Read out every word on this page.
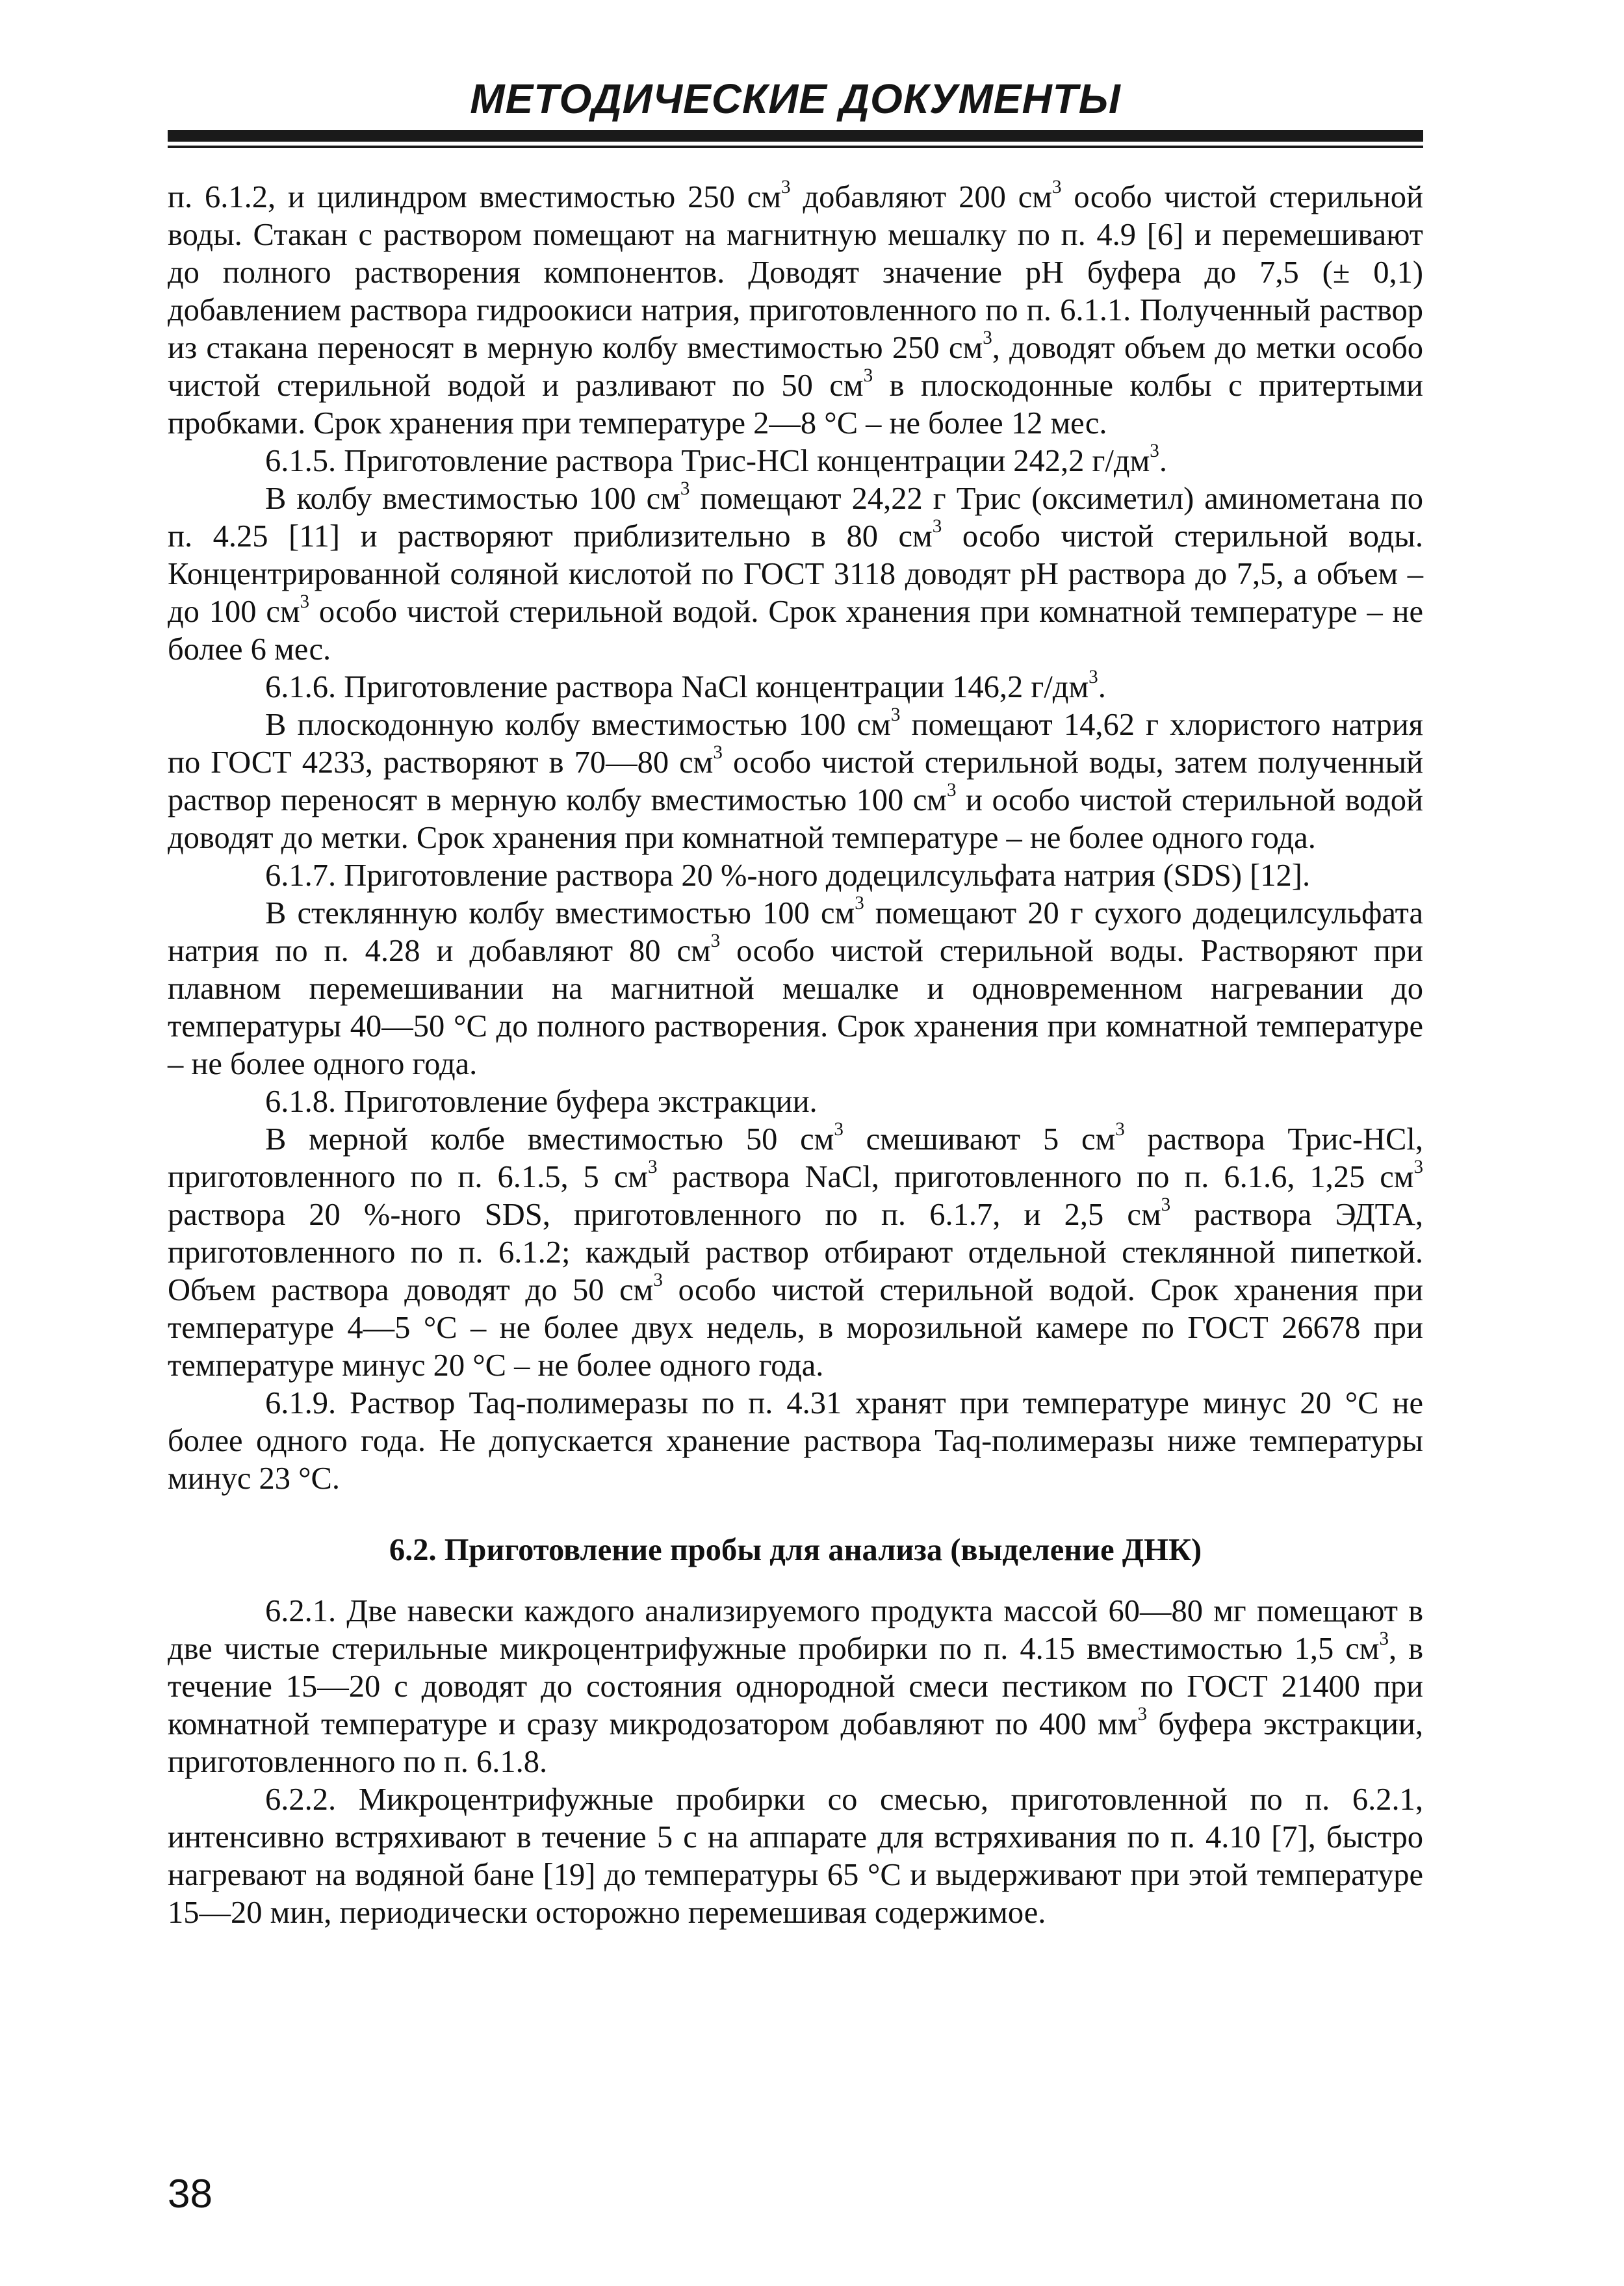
МЕТОДИЧЕСКИЕ ДОКУМЕНТЫ

п. 6.1.2, и цилиндром вместимостью 250 $см^3$ добавляют 200 $см^3$ особо чистой стерильной воды. Стакан с раствором помещают на магнитную мешалку по п. 4.9 [6] и перемешивают до полного растворения компонентов. Доводят значение рН буфера до 7,5 (± 0,1) добавлением раствора гидроокиси натрия, приготовленного по п. 6.1.1. Полученный раствор из стакана переносят в мерную колбу вместимостью 250 $см^3$, доводят объем до метки особо чистой стерильной водой и разливают по 50 $см^3$ в плоскодонные колбы с притертыми пробками. Срок хранения при температуре 2—8 °С – не более 12 мес.

6.1.5. Приготовление раствора Трис-HCl концентрации 242,2 $г/дм^3$.

В колбу вместимостью 100 $см^3$ помещают 24,22 г Трис (оксиметил) аминометана по п. 4.25 [11] и растворяют приблизительно в 80 $см^3$ особо чистой стерильной воды. Концентрированной соляной кислотой по ГОСТ 3118 доводят рН раствора до 7,5, а объем – до 100 $см^3$ особо чистой стерильной водой. Срок хранения при комнатной температуре – не более 6 мес.

6.1.6. Приготовление раствора NaCl концентрации 146,2 $г/дм^3$.

В плоскодонную колбу вместимостью 100 $см^3$ помещают 14,62 г хлористого натрия по ГОСТ 4233, растворяют в 70—80 $см^3$ особо чистой стерильной воды, затем полученный раствор переносят в мерную колбу вместимостью 100 $см^3$ и особо чистой стерильной водой доводят до метки. Срок хранения при комнатной температуре – не более одного года.

6.1.7. Приготовление раствора 20 %-ного додецилсульфата натрия (SDS) [12].

В стеклянную колбу вместимостью 100 $см^3$ помещают 20 г сухого додецилсульфата натрия по п. 4.28 и добавляют 80 $см^3$ особо чистой стерильной воды. Растворяют при плавном перемешивании на магнитной мешалке и одновременном нагревании до температуры 40—50 °С до полного растворения. Срок хранения при комнатной температуре – не более одного года.

6.1.8. Приготовление буфера экстракции.

В мерной колбе вместимостью 50 $см^3$ смешивают 5 $см^3$ раствора Трис-HCl, приготовленного по п. 6.1.5, 5 $см^3$ раствора NaCl, приготовленного по п. 6.1.6, 1,25 $см^3$ раствора 20 %-ного SDS, приготовленного по п. 6.1.7, и 2,5 $см^3$ раствора ЭДТА, приготовленного по п. 6.1.2; каждый раствор отбирают отдельной стеклянной пипеткой. Объем раствора доводят до 50 $см^3$ особо чистой стерильной водой. Срок хранения при температуре 4—5 °С – не более двух недель, в морозильной камере по ГОСТ 26678 при температуре минус 20 °С – не более одного года.

6.1.9. Раствор Taq-полимеразы по п. 4.31 хранят при температуре минус 20 °С не более одного года. Не допускается хранение раствора Taq-полимеразы ниже температуры минус 23 °С.

6.2. Приготовление пробы для анализа (выделение ДНК)

6.2.1. Две навески каждого анализируемого продукта массой 60—80 мг помещают в две чистые стерильные микроцентрифужные пробирки по п. 4.15 вместимостью 1,5 $см^3$, в течение 15—20 с доводят до состояния однородной смеси пестиком по ГОСТ 21400 при комнатной температуре и сразу микродозатором добавляют по 400 $мм^3$ буфера экстракции, приготовленного по п. 6.1.8.

6.2.2. Микроцентрифужные пробирки со смесью, приготовленной по п. 6.2.1, интенсивно встряхивают в течение 5 с на аппарате для встряхивания по п. 4.10 [7], быстро нагревают на водяной бане [19] до температуры 65 °С и выдерживают при этой температуре 15—20 мин, периодически осторожно перемешивая содержимое.

38
